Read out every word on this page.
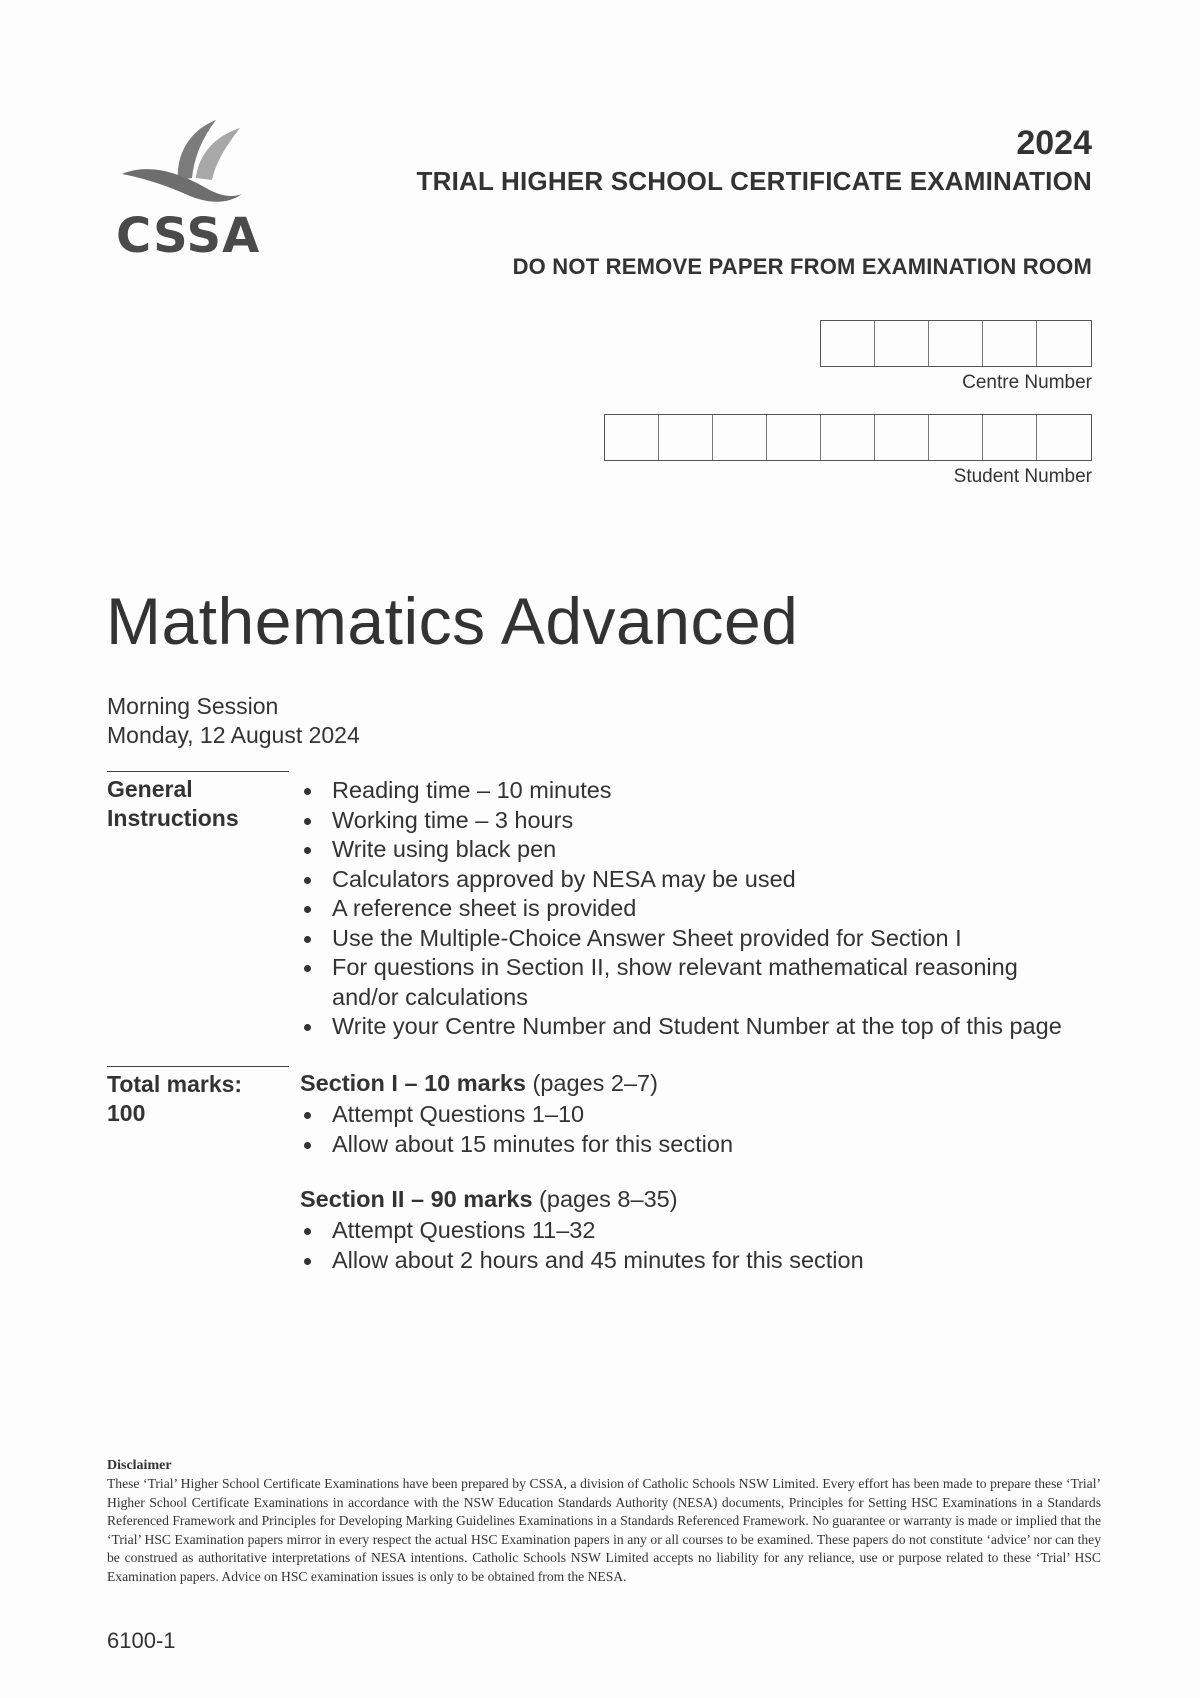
CSSA
2024
TRIAL HIGHER SCHOOL CERTIFICATE EXAMINATION
DO NOT REMOVE PAPER FROM EXAMINATION ROOM
Centre Number
Student Number
Mathematics Advanced
Morning Session
Monday, 12 August 2024
General
Instructions
Reading time – 10 minutes
Working time – 3 hours
Write using black pen
Calculators approved by NESA may be used
A reference sheet is provided
Use the Multiple-Choice Answer Sheet provided for Section I
For questions in Section II, show relevant mathematical reasoning and/or calculations
Write your Centre Number and Student Number at the top of this page
Total marks:
100
Section I – 10 marks (pages 2–7)
Attempt Questions 1–10
Allow about 15 minutes for this section
Section II – 90 marks (pages 8–35)
Attempt Questions 11–32
Allow about 2 hours and 45 minutes for this section
Disclaimer
These ‘Trial’ Higher School Certificate Examinations have been prepared by CSSA, a division of Catholic Schools NSW Limited. Every effort has been made to prepare these ‘Trial’ Higher School Certificate Examinations in accordance with the NSW Education Standards Authority (NESA) documents, Principles for Setting HSC Examinations in a Standards Referenced Framework and Principles for Developing Marking Guidelines Examinations in a Standards Referenced Framework. No guarantee or warranty is made or implied that the ‘Trial’ HSC Examination papers mirror in every respect the actual HSC Examination papers in any or all courses to be examined. These papers do not constitute ‘advice’ nor can they be construed as authoritative interpretations of NESA intentions. Catholic Schools NSW Limited accepts no liability for any reliance, use or purpose related to these ‘Trial’ HSC Examination papers. Advice on HSC examination issues is only to be obtained from the NESA.
6100-1
